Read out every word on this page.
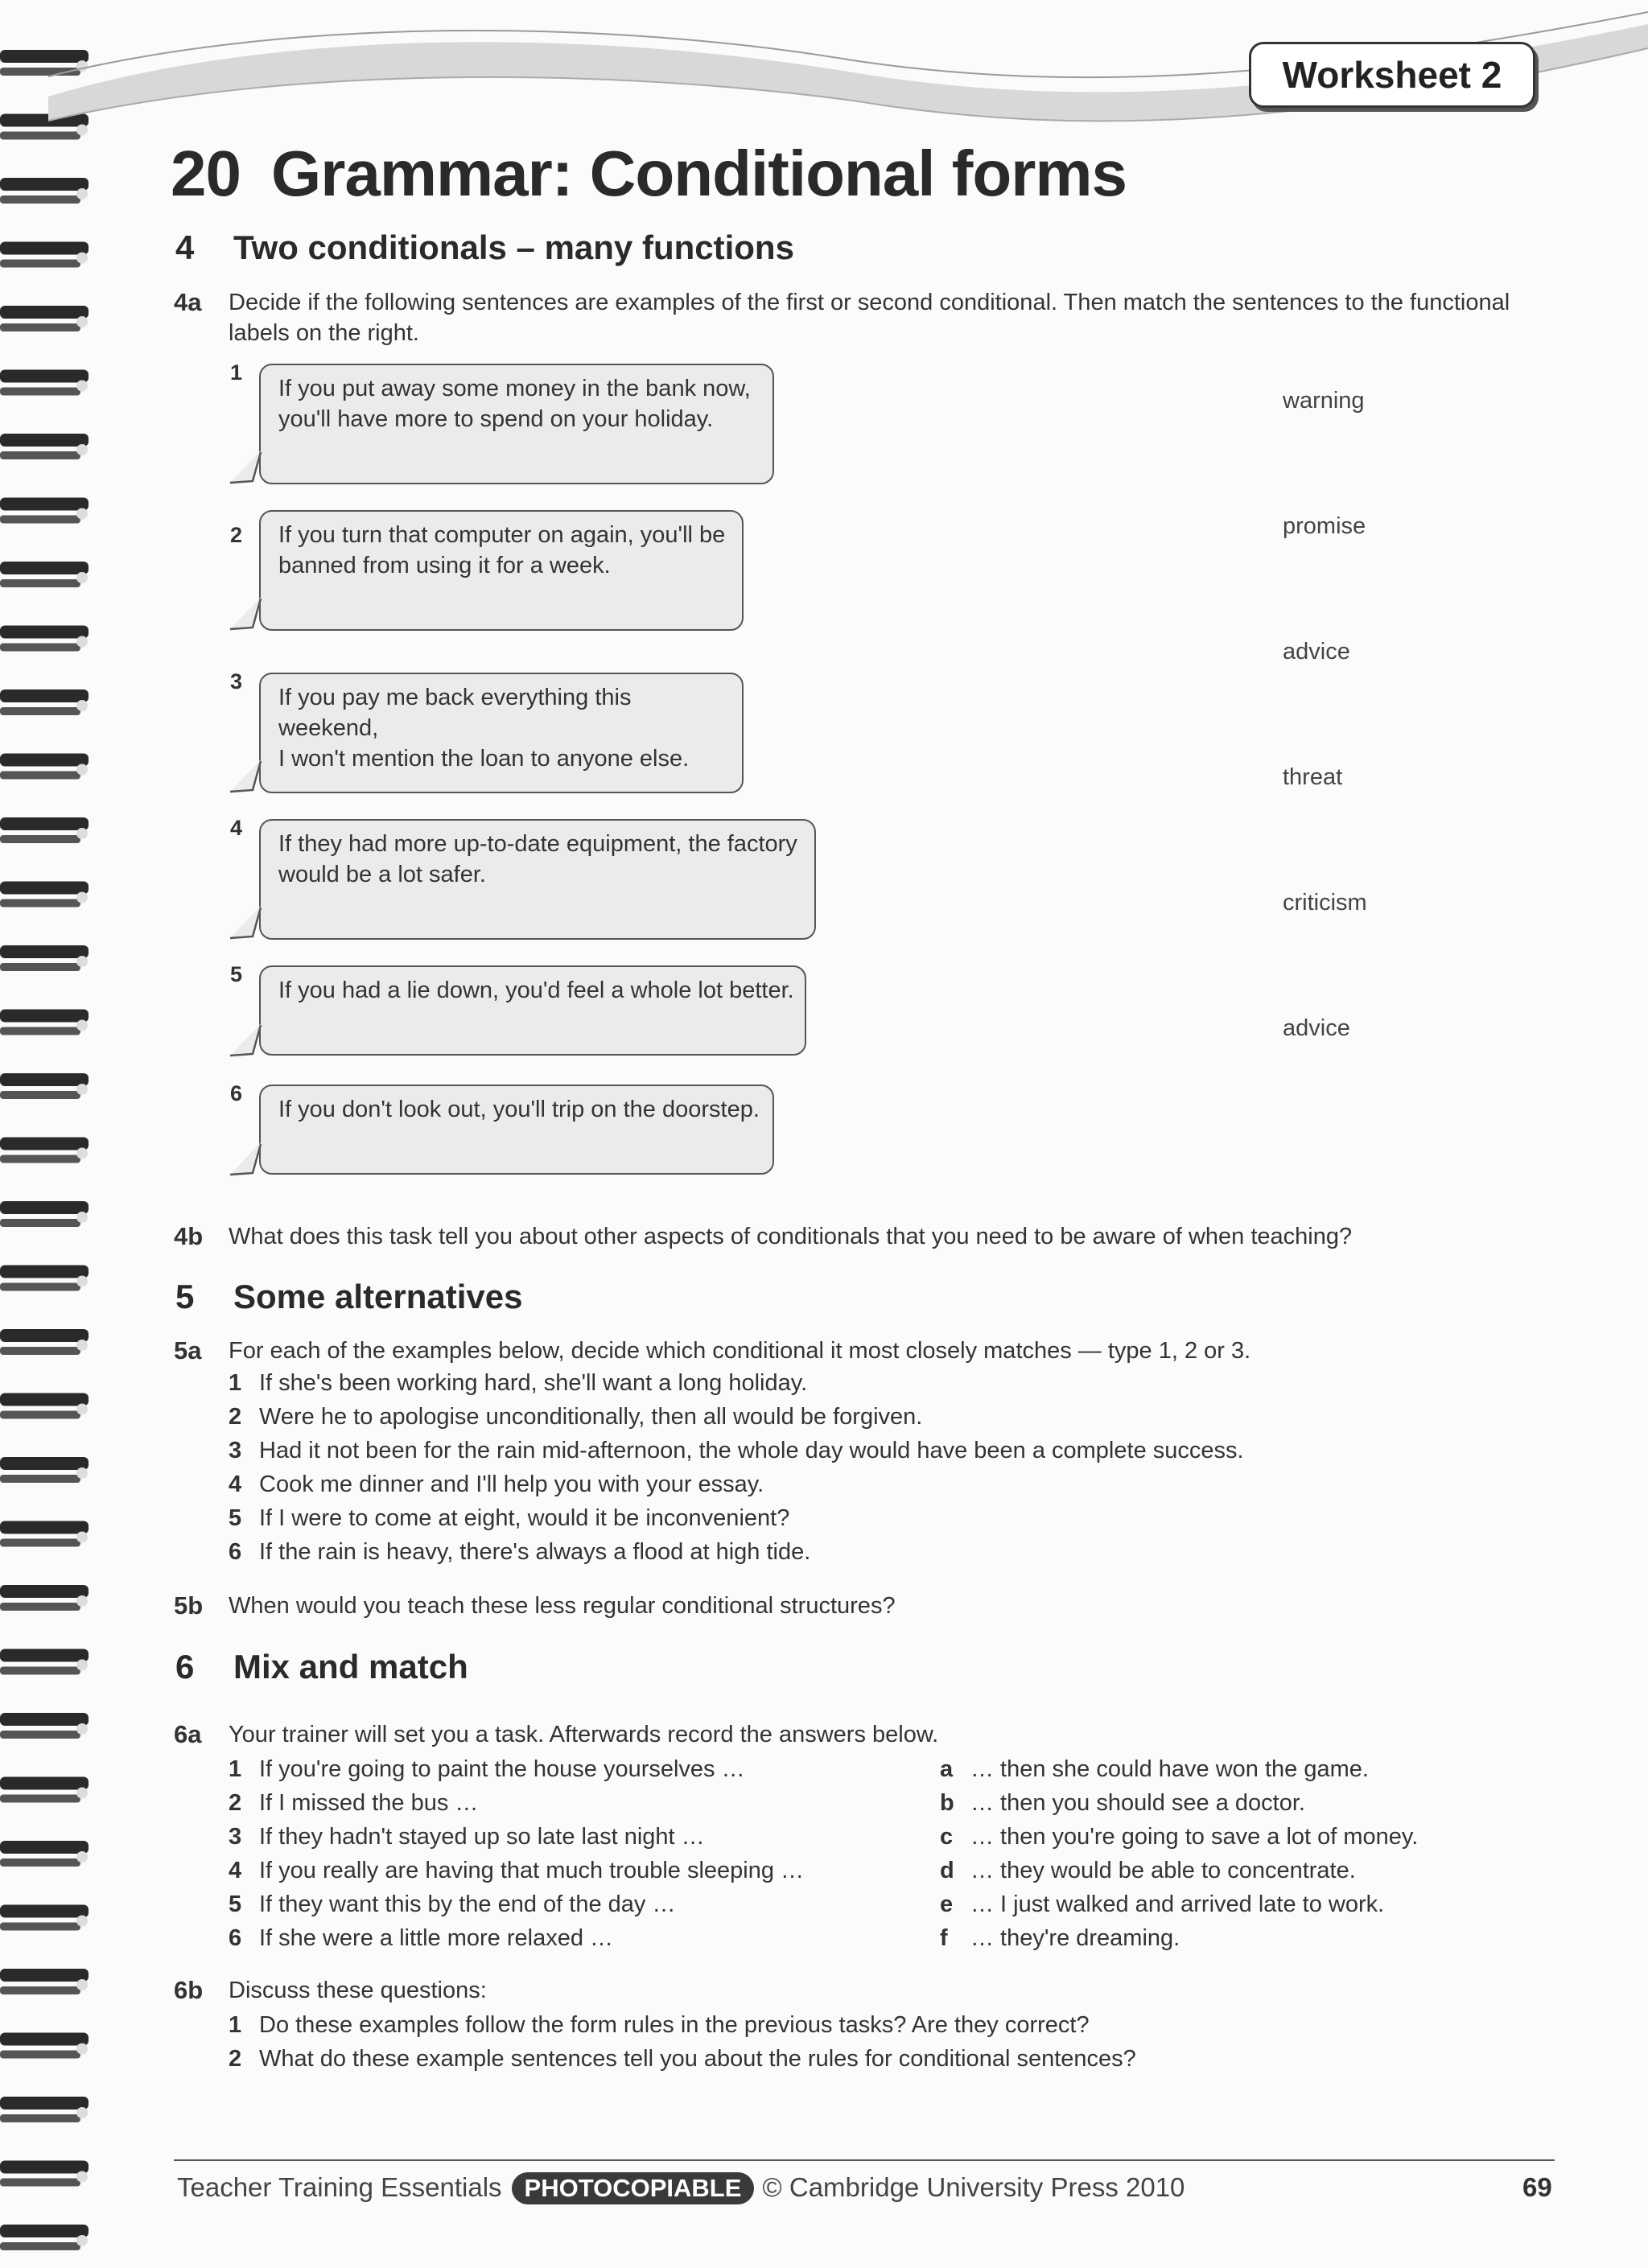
Worksheet 2
20 Grammar: Conditional forms
4 Two conditionals – many functions
4a Decide if the following sentences are examples of the first or second conditional. Then match the sentences to the functional
labels on the right.
1
If you put away some money in the bank now,
you'll have more to spend on your holiday.
2 If you turn that computer on again, you'll be
banned from using it for a week.
3
If you pay me back everything this weekend,
I won't mention the loan to anyone else.
4
If they had more up-to-date equipment, the factory
would be a lot safer.
5
If you had a lie down, you'd feel a whole lot better.
6
If you don't look out, you'll trip on the doorstep.
warning
promise
advice
threat
criticism
advice
4b What does this task tell you about other aspects of conditionals that you need to be aware of when teaching?
5 Some alternatives
5a For each of the examples below, decide which conditional it most closely matches — type 1, 2 or 3.
1 If she's been working hard, she'll want a long holiday.
2 Were he to apologise unconditionally, then all would be forgiven.
3 Had it not been for the rain mid-afternoon, the whole day would have been a complete success.
4 Cook me dinner and I'll help you with your essay.
5 If I were to come at eight, would it be inconvenient?
6 If the rain is heavy, there's always a flood at high tide.
5b When would you teach these less regular conditional structures?
6 Mix and match
6a Your trainer will set you a task. Afterwards record the answers below.
1 If you're going to paint the house yourselves …
2 If I missed the bus …
3 If they hadn't stayed up so late last night …
4 If you really are having that much trouble sleeping …
5 If they want this by the end of the day …
6 If she were a little more relaxed …
a … then she could have won the game.
b … then you should see a doctor.
c … then you're going to save a lot of money.
d … they would be able to concentrate.
e … I just walked and arrived late to work.
f … they're dreaming.
6b Discuss these questions:
1 Do these examples follow the form rules in the previous tasks? Are they correct?
2 What do these example sentences tell you about the rules for conditional sentences?
Teacher Training Essentials PHOTOCOPIABLE © Cambridge University Press 2010	69
